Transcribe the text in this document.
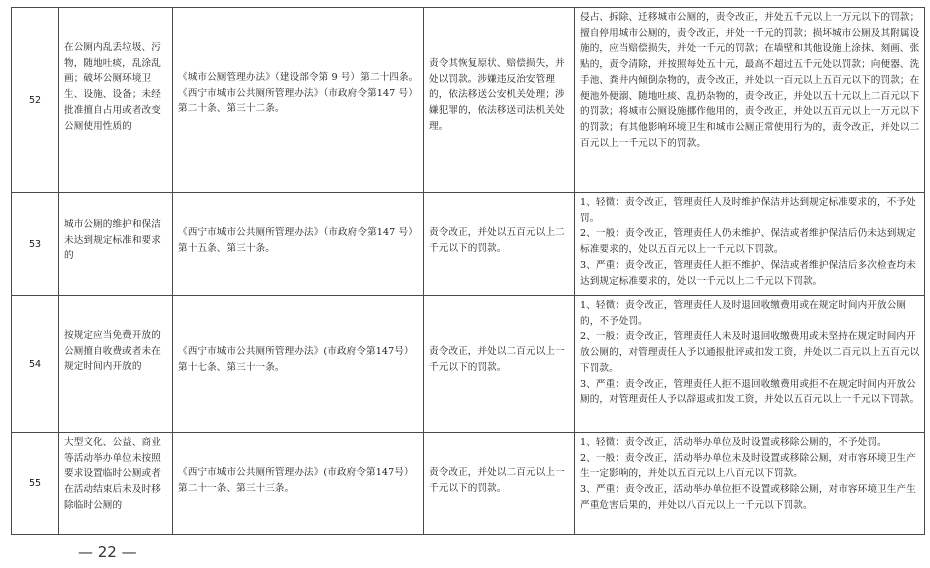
52	在公厕内乱丢垃圾、污物，随地吐痰，乱涂乱画；破坏公厕环境卫生、设施、设备；未经批准擅自占用或者改变公厕使用性质的	《城市公厕管理办法》（建设部令第 9 号）第二十四条。
《西宁市城市公共厕所管理办法》（市政府令第147 号）第二十条、第三十二条。	责令其恢复原状、赔偿损失，并处以罚款。涉嫌违反治安管理的，依法移送公安机关处理；涉嫌犯罪的，依法移送司法机关处理。	侵占、拆除、迁移城市公厕的，责令改正，并处五千元以上一万元以下的罚款；擅自停用城市公厕的，责令改正，并处一千元的罚款；损坏城市公厕及其附属设施的，应当赔偿损失，并处一千元的罚款；在墙壁和其他设施上涂抹、刻画、张贴的，责令清除，并按照每处五十元，最高不超过五千元处以罚款；向便器、洗手池、粪井内倾倒杂物的，责令改正，并处以一百元以上五百元以下的罚款；在便池外便溺、随地吐痰、乱扔杂物的，责令改正，并处以五十元以上二百元以下的罚款；将城市公厕设施挪作他用的，责令改正，并处以五百元以上一万元以下的罚款；有其他影响环境卫生和城市公厕正常使用行为的，责令改正，并处以二百元以上一千元以下的罚款。

53	城市公厕的维护和保洁未达到规定标准和要求的	《西宁市城市公共厕所管理办法》（市政府令第147 号）第十五条、第三十条。	责令改正，并处以五百元以上二千元以下的罚款。	1、轻微：责令改正，管理责任人及时维护保洁并达到规定标准要求的，不予处罚。
2、一般：责令改正，管理责任人仍未维护、保洁或者维护保洁后仍未达到规定标准要求的，处以五百元以上一千元以下罚款。
3、严重：责令改正，管理责任人拒不维护、保洁或者维护保洁后多次检查均未达到规定标准要求的，处以一千元以上二千元以下罚款。

54	按规定应当免费开放的公厕擅自收费或者未在规定时间内开放的	《西宁市城市公共厕所管理办法》(市政府令第147号）第十七条、第三十一条。	责令改正，并处以二百元以上一千元以下的罚款。	1、轻微：责令改正，管理责任人及时退回收缴费用或在规定时间内开放公厕的，不予处罚。
2、一般：责令改正，管理责任人未及时退回收缴费用或未坚持在规定时间内开放公厕的，对管理责任人予以通报批评或扣发工资，并处以二百元以上五百元以下罚款。
3、严重：责令改正，管理责任人拒不退回收缴费用或拒不在规定时间内开放公厕的，对管理责任人予以辞退或扣发工资，并处以五百元以上一千元以下罚款。

55	大型文化、公益、商业等活动举办单位未按照要求设置临时公厕或者在活动结束后未及时移除临时公厕的	《西宁市城市公共厕所管理办法》(市政府令第147号）第二十一条、第三十三条。	责令改正，并处以二百元以上一千元以下的罚款。	1、轻微：责令改正，活动举办单位及时设置或移除公厕的，不予处罚。
2、一般：责令改正，活动举办单位未及时设置或移除公厕，对市容环境卫生产生一定影响的，并处以五百元以上八百元以下罚款。
3、严重：责令改正，活动举办单位拒不设置或移除公厕，对市容环境卫生产生严重危害后果的，并处以八百元以上一千元以下罚款。
— 22 —
